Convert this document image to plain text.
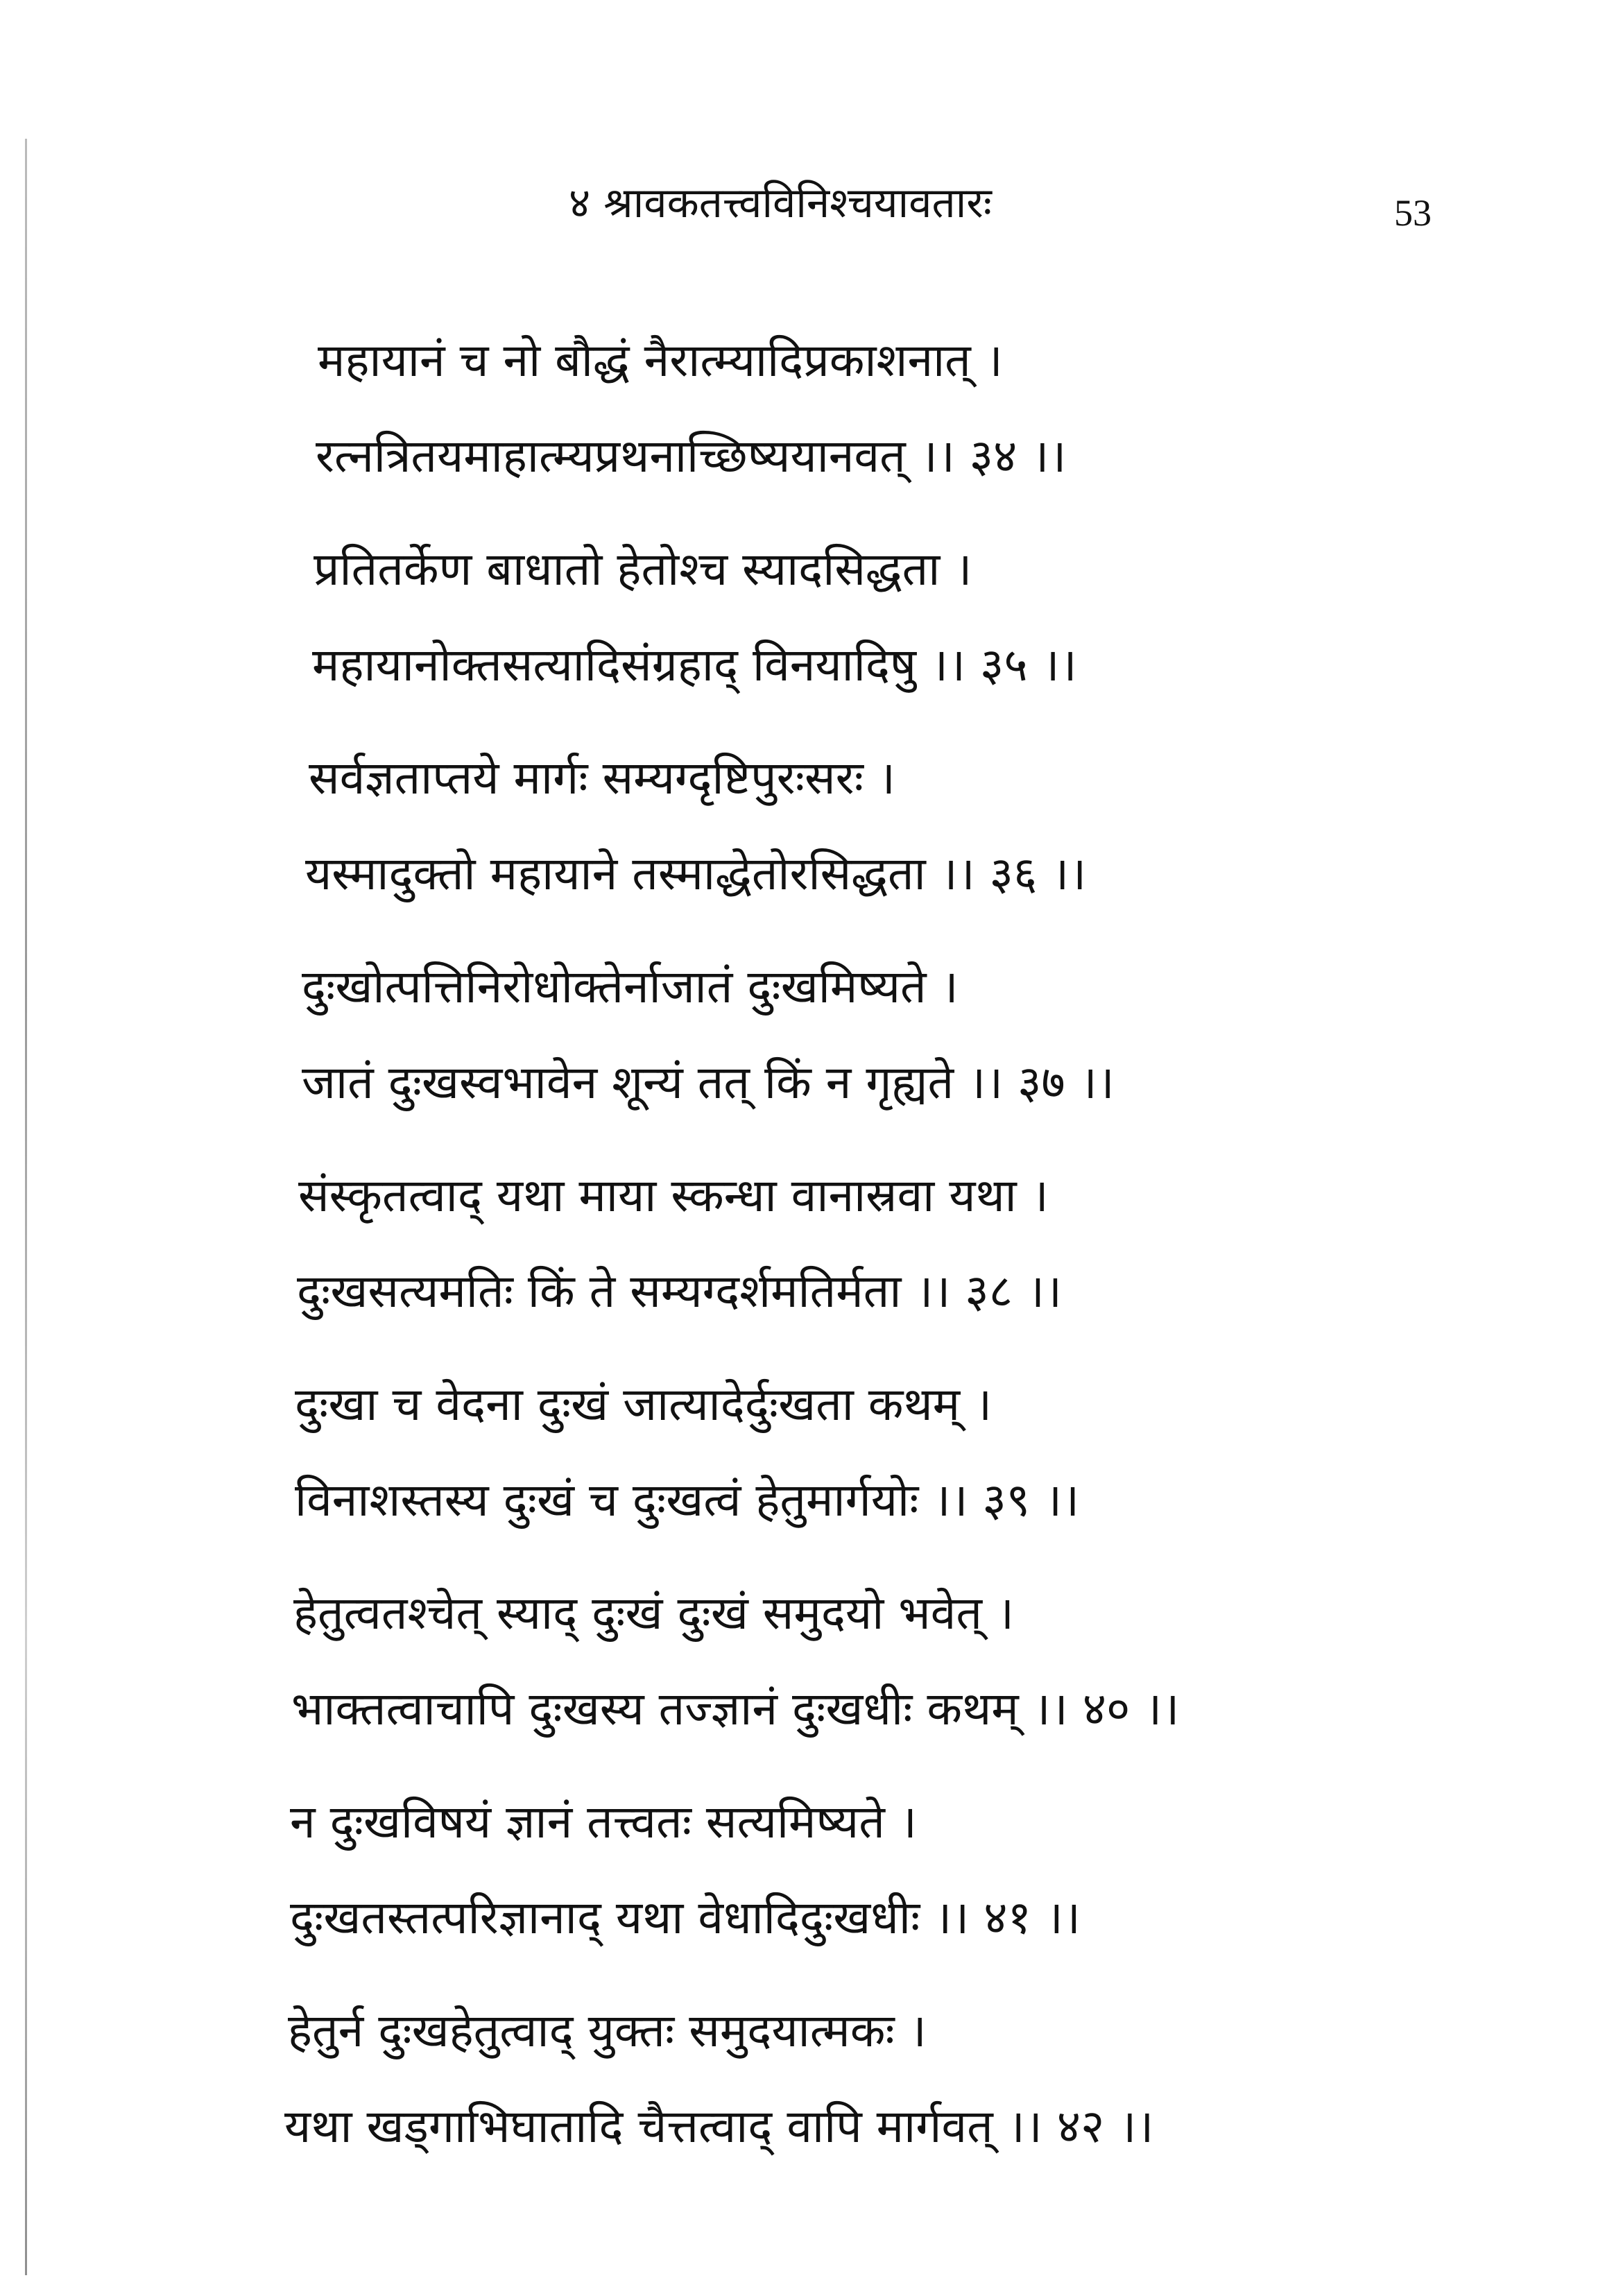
४ श्रावकतत्त्वविनिश्चयावतारः	53
महायानं च नो बौद्धं नैरात्म्यादिप्रकाशनात् ।
रत्नत्रितयमाहात्म्यप्रथनाच्छिष्ययानवत् ।। ३४ ।।
प्रतितर्केण बाधातो हेतोश्च स्यादसिद्धता ।
महायानोक्तसत्यादिसंग्रहाद् विनयादिषु ।। ३५ ।।
सर्वज्ञताप्तये मार्गः सम्यग्दृष्टिपुरःसरः ।
यस्मादुक्तो महायाने तस्माद्धेतोरसिद्धता ।। ३६ ।।
दुःखोत्पत्तिनिरोधोक्तेर्नाजातं दुःखमिष्यते ।
जातं दुःखस्वभावेन शून्यं तत् किं न गृह्यते ।। ३७ ।।
संस्कृतत्वाद् यथा माया स्कन्धा वानास्रवा यथा ।
दुःखसत्यमतिः किं ते सम्यग्दर्शमतिर्मता ।। ३८ ।।
दुःखा च वेदना दुःखं जात्यादेर्दुःखता कथम् ।
विनाशस्तस्य दुःखं च दुःखत्वं हेतुमार्गयोः ।। ३९ ।।
हेतुत्वतश्चेत् स्याद् दुःखं दुःखं समुदयो भवेत् ।
भाक्तत्वाचापि दुःखस्य तज्ज्ञानं दुःखधीः कथम् ।। ४० ।।
न दुःखविषयं ज्ञानं तत्त्वतः सत्यमिष्यते ।
दुःखतस्तत्परिज्ञानाद् यथा वेधादिदुःखधीः ।। ४१ ।।
हेतुर्न दुःखहेतुत्वाद् युक्तः समुदयात्मकः ।
यथा खड्गाभिघातादि चैत्तत्वाद् वापि मार्गवत् ।। ४२ ।।
